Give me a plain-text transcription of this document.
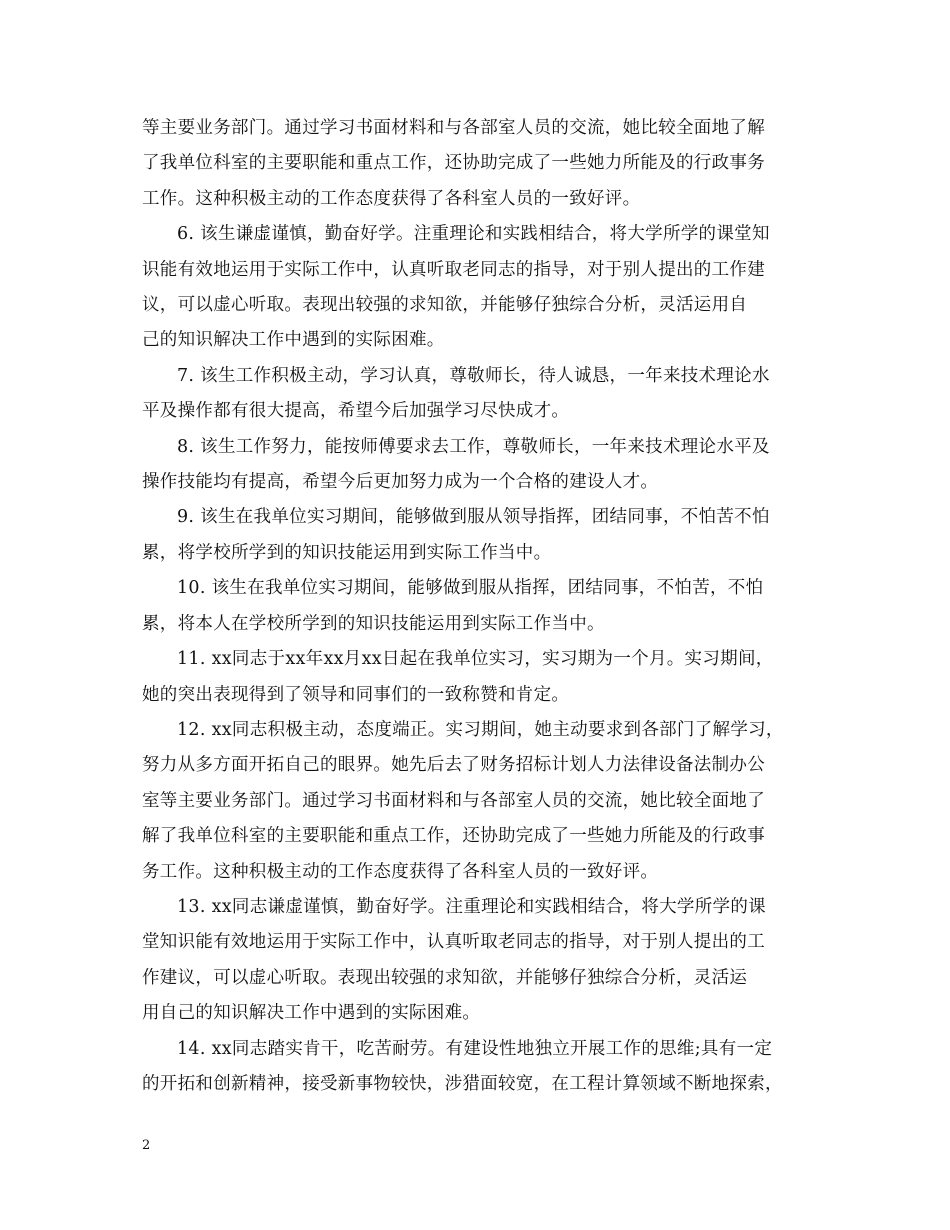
等主要业务部门。通过学习书面材料和与各部室人员的交流，她比较全面地了解
了我单位科室的主要职能和重点工作，还协助完成了一些她力所能及的行政事务
工作。这种积极主动的工作态度获得了各科室人员的一致好评。

6. 该生谦虚谨慎，勤奋好学。注重理论和实践相结合，将大学所学的课堂知
识能有效地运用于实际工作中，认真听取老同志的指导，对于别人提出的工作建
议，可以虚心听取。表现出较强的求知欲，并能够仔独综合分析，灵活运用自
己的知识解决工作中遇到的实际困难。

7. 该生工作积极主动，学习认真，尊敬师长，待人诚恳，一年来技术理论水
平及操作都有很大提高，希望今后加强学习尽快成才。

8. 该生工作努力，能按师傅要求去工作，尊敬师长，一年来技术理论水平及
操作技能均有提高，希望今后更加努力成为一个合格的建设人才。

9. 该生在我单位实习期间，能够做到服从领导指挥，团结同事，不怕苦不怕
累，将学校所学到的知识技能运用到实际工作当中。

10. 该生在我单位实习期间，能够做到服从指挥，团结同事，不怕苦，不怕
累，将本人在学校所学到的知识技能运用到实际工作当中。

11. xx同志于xx年xx月xx日起在我单位实习，实习期为一个月。实习期间，
她的突出表现得到了领导和同事们的一致称赞和肯定。

12. xx同志积极主动，态度端正。实习期间，她主动要求到各部门了解学习，
努力从多方面开拓自己的眼界。她先后去了财务招标计划人力法律设备法制办公
室等主要业务部门。通过学习书面材料和与各部室人员的交流，她比较全面地了
解了我单位科室的主要职能和重点工作，还协助完成了一些她力所能及的行政事
务工作。这种积极主动的工作态度获得了各科室人员的一致好评。

13. xx同志谦虚谨慎，勤奋好学。注重理论和实践相结合，将大学所学的课
堂知识能有效地运用于实际工作中，认真听取老同志的指导，对于别人提出的工
作建议，可以虚心听取。表现出较强的求知欲，并能够仔独综合分析，灵活运
用自己的知识解决工作中遇到的实际困难。

14. xx同志踏实肯干，吃苦耐劳。有建设性地独立开展工作的思维;具有一定
的开拓和创新精神，接受新事物较快，涉猎面较宽，在工程计算领域不断地探索，

2
